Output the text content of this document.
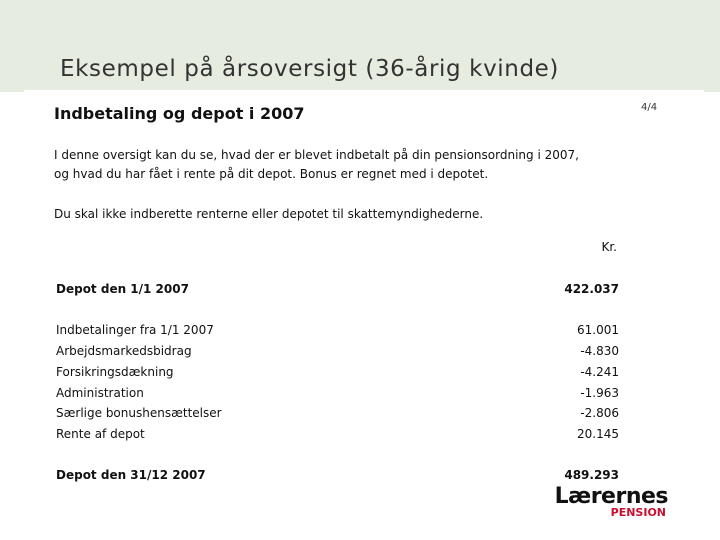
Eksempel på årsoversigt (36-årig kvinde)
4/4
Indbetaling og depot i 2007
I denne oversigt kan du se, hvad der er blevet indbetalt på din pensionsordning i 2007,
og hvad du har fået i rente på dit depot. Bonus er regnet med i depotet.
Du skal ikke indberette renterne eller depotet til skattemyndighederne.
Kr.
Depot den 1/1 2007	422.037
Indbetalinger fra 1/1 2007	61.001
Arbejdsmarkedsbidrag	-4.830
Forsikringsdækning	-4.241
Administration	-1.963
Særlige bonushensættelser	-2.806
Rente af depot	20.145
Depot den 31/12 2007	489.293
Lærernes
PENSION
